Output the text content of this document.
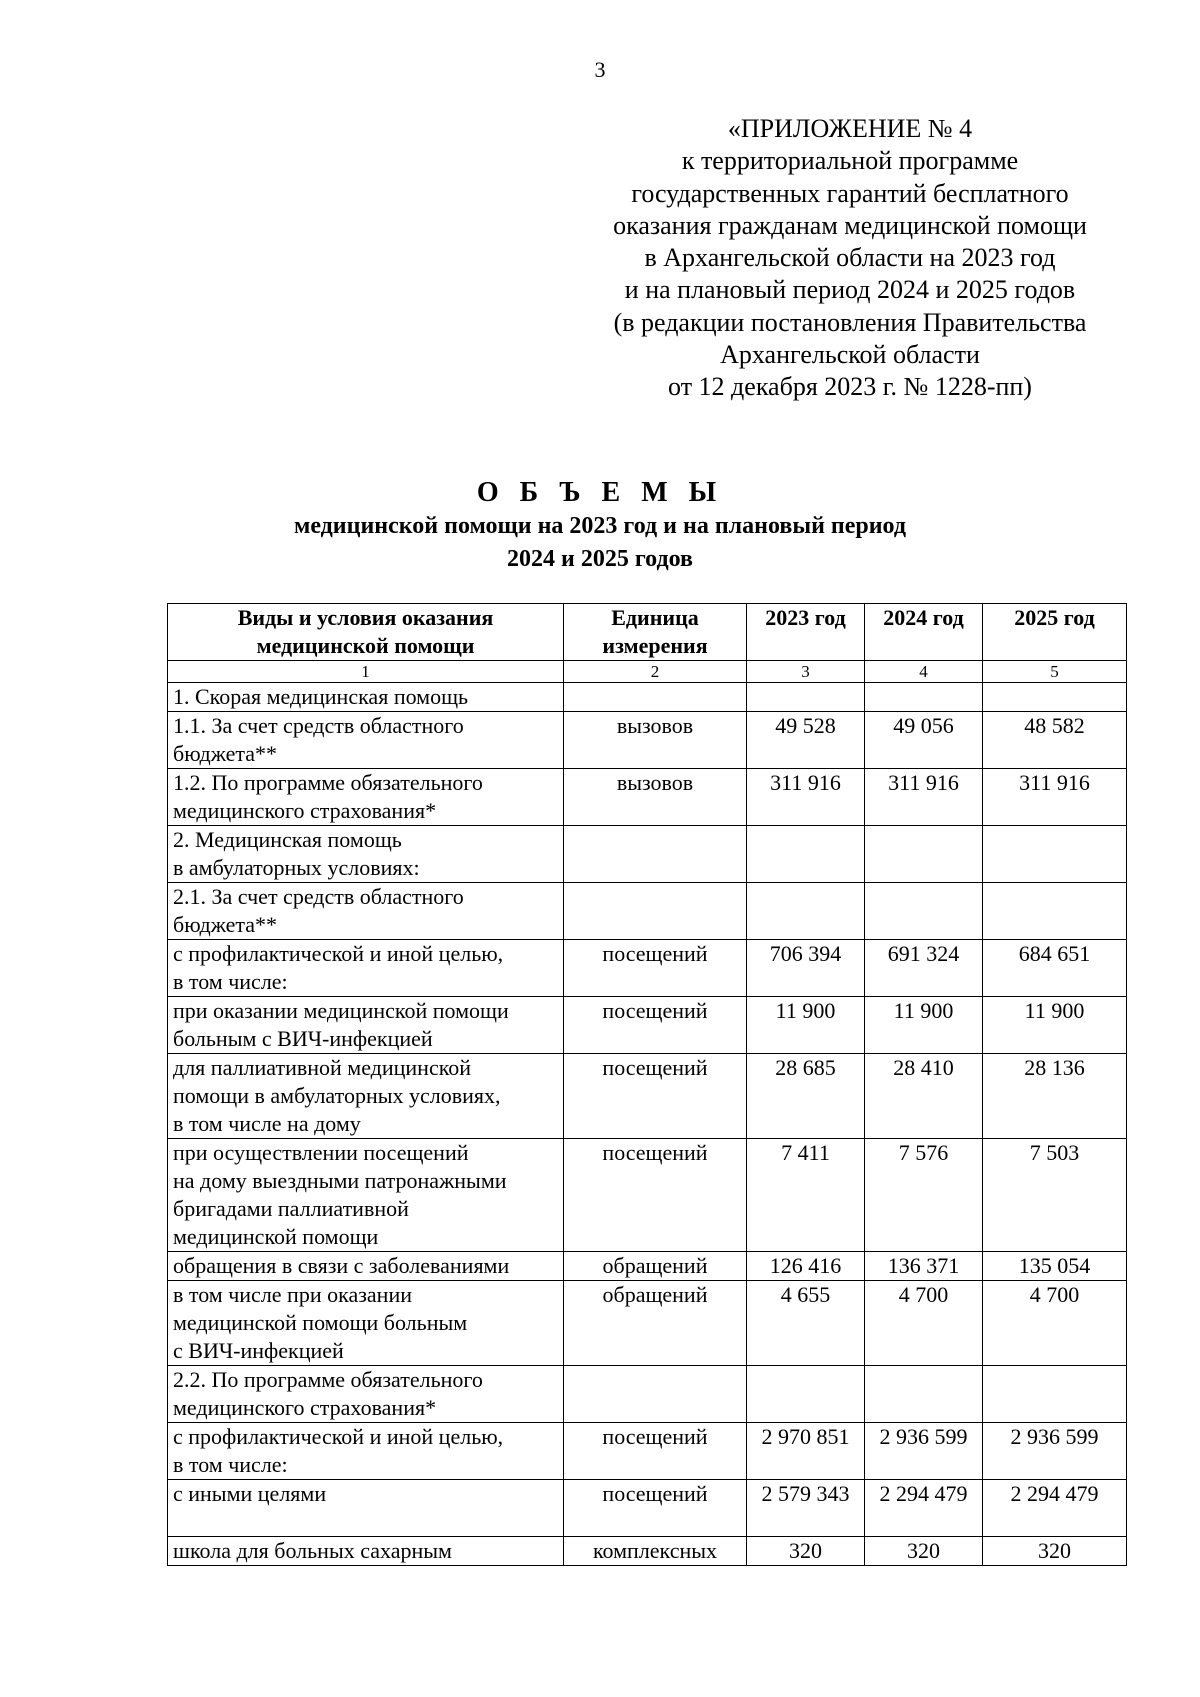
3
«ПРИЛОЖЕНИЕ № 4
к территориальной программе
государственных гарантий бесплатного
оказания гражданам медицинской помощи
в Архангельской области на 2023 год
и на плановый период 2024 и 2025 годов
(в редакции постановления Правительства
Архангельской области
от 12 декабря 2023 г. № 1228-пп)
О Б Ъ Е М Ы
медицинской помощи на 2023 год и на плановый период
2024 и 2025 годов
Виды и условия оказания
медицинской помощи	Единица
измерения	2023 год	2024 год	2025 год
1	2	3	4	5

1. Скорая медицинская помощь				

1.1. За счет средств областного
бюджета**	вызовов	49 528	49 056	48 582

1.2. По программе обязательного
медицинского страхования*	вызовов	311 916	311 916	311 916

2. Медицинская помощь
в амбулаторных условиях:				

2.1. За счет средств областного
бюджета**				

с профилактической и иной целью,
в том числе:	посещений	706 394	691 324	684 651

при оказании медицинской помощи
больным с ВИЧ-инфекцией	посещений	11 900	11 900	11 900

для паллиативной медицинской
помощи в амбулаторных условиях,
в том числе на дому	посещений	28 685	28 410	28 136

при осуществлении посещений
на дому выездными патронажными
бригадами паллиативной
медицинской помощи	посещений	7 411	7 576	7 503

обращения в связи с заболеваниями	обращений	126 416	136 371	135 054

в том числе при оказании
медицинской помощи больным
с ВИЧ-инфекцией	обращений	4 655	4 700	4 700

2.2. По программе обязательного
медицинского страхования*				

с профилактической и иной целью,
в том числе:	посещений	2 970 851	2 936 599	2 936 599

с иными целями	посещений	2 579 343	2 294 479	2 294 479

школа для больных сахарным	комплексных	320	320	320
